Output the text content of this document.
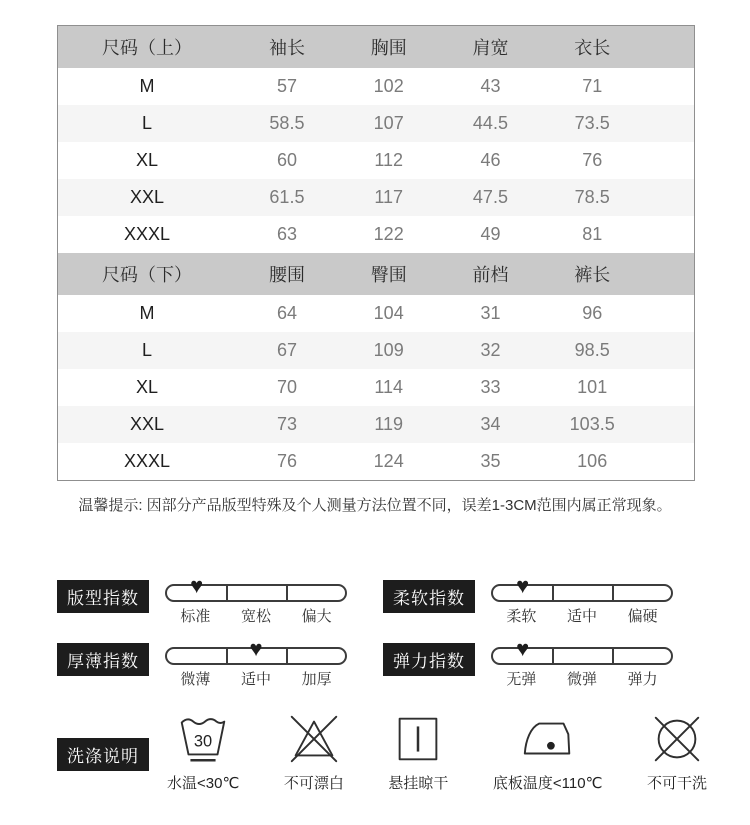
尺码（上）	袖长	胸围	肩宽	衣长	
M	57	102	43	71	
L	58.5	107	44.5	73.5	
XL	60	112	46	76	
XXL	61.5	117	47.5	78.5	
XXXL	63	122	49	81	
尺码（下）	腰围	臀围	前档	裤长	
M	64	104	31	96	
L	67	109	32	98.5	
XL	70	114	33	101	
XXL	73	119	34	103.5	
XXXL	76	124	35	106	

温馨提示: 因部分产品版型特殊及个人测量方法位置不同，误差1-3CM范围内属正常现象。

版型指数
♥
标准	宽松	偏大
柔软指数
♥
柔软	适中	偏硬
厚薄指数
♥
微薄	适中	加厚
弹力指数
♥
无弹	微弹	弹力
洗涤说明
30
水温<30℃	不可漂白	悬挂晾干	底板温度<110℃	不可干洗
